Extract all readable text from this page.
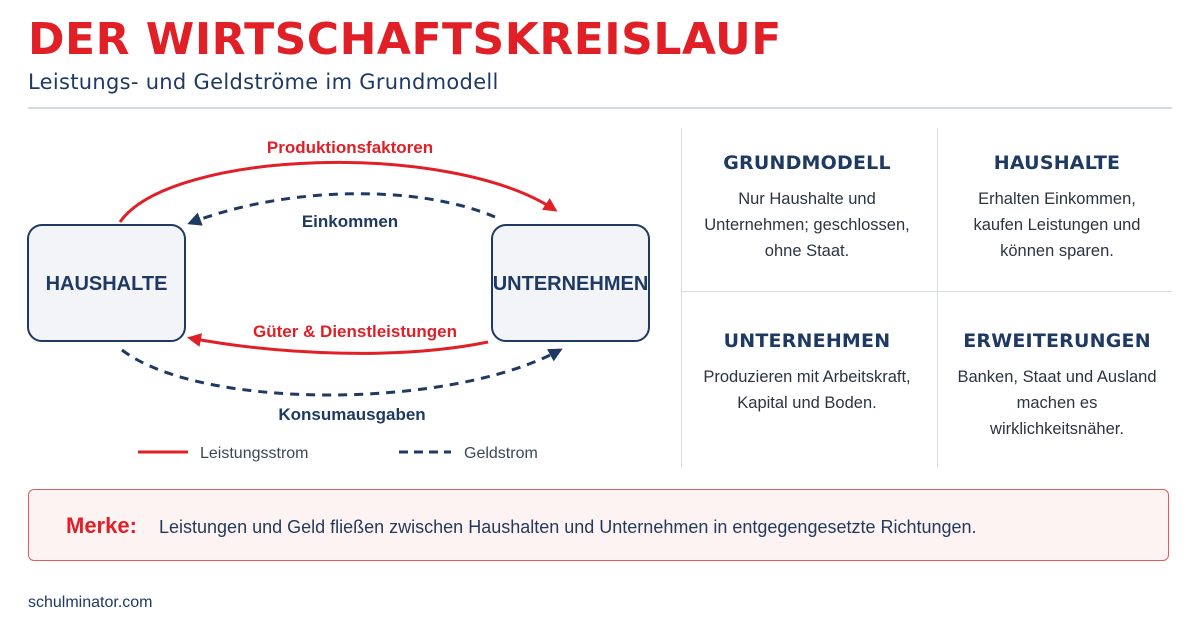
DER WIRTSCHAFTSKREISLAUF
Leistungs- und Geldströme im Grundmodell
HAUSHALTE	UNTERNEHMEN
Produktionsfaktoren
Einkommen
Güter & Dienstleistungen
Konsumausgaben
Leistungsstrom	Geldstrom
GRUNDMODELL
Nur Haushalte und
Unternehmen; geschlossen,
ohne Staat.
HAUSHALTE
Erhalten Einkommen,
kaufen Leistungen und
können sparen.
UNTERNEHMEN
Produzieren mit Arbeitskraft,
Kapital und Boden.
ERWEITERUNGEN
Banken, Staat und Ausland
machen es
wirklichkeitsnäher.
Merke: Leistungen und Geld fließen zwischen Haushalten und Unternehmen in entgegengesetzte Richtungen.
schulminator.com
